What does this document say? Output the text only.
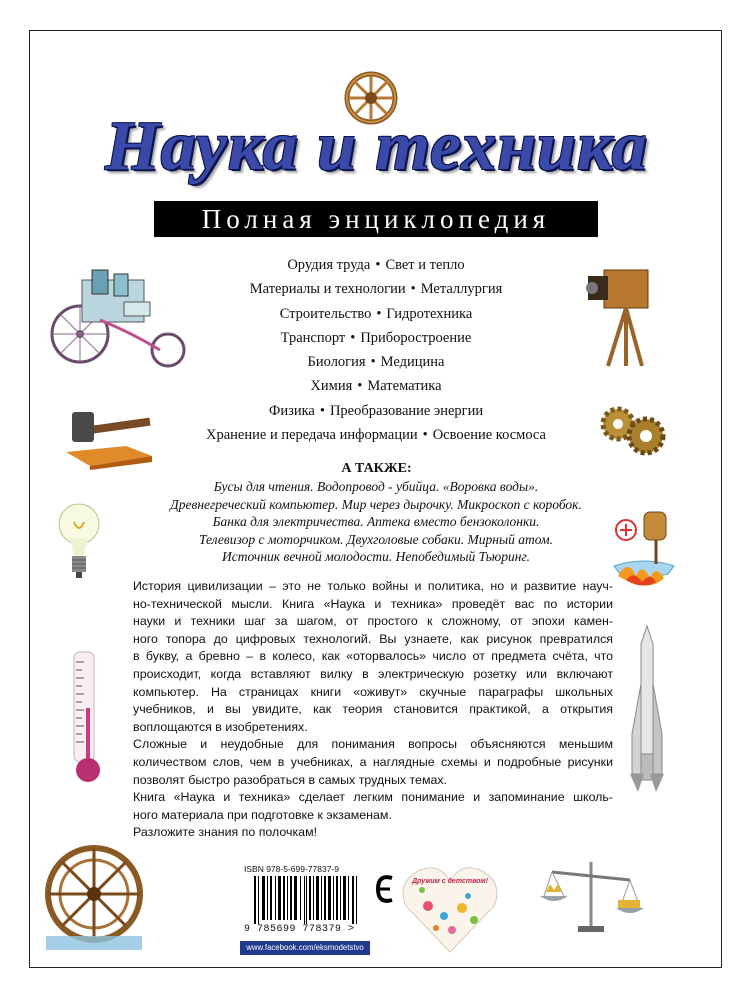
Наука и техника
Полная энциклопедия
Орудия труда • Свет и тепло
Материалы и технологии • Металлургия
Строительство • Гидротехника
Транспорт • Приборостроение
Биология • Медицина
Химия • Математика
Физика • Преобразование энергии
Хранение и передача информации • Освоение космоса
А ТАКЖЕ:
Бусы для чтения. Водопровод - убийца. «Воровка воды».
Древнегреческий компьютер. Мир через дырочку. Микроскоп с коробок.
Банка для электричества. Аптека вместо бензоколонки.
Телевизор с моторчиком. Двухголовые собаки. Мирный атом.
Источник вечной молодости. Непобедимый Тьюринг.
История цивилизации – это не только войны и политика, но и развитие науч-
но-технической мысли. Книга «Наука и техника» проведёт вас по истории
науки и техники шаг за шагом, от простого к сложному, от эпохи камен-
ного топора до цифровых технологий. Вы узнаете, как рисунок превратился
в букву, а бревно – в колесо, как «оторвалось» число от предмета счёта, что
происходит, когда вставляют вилку в электрическую розетку или включают
компьютер. На страницах книги «оживут» скучные параграфы школьных
учебников, и вы увидите, как теория становится практикой, а открытия
воплощаются в изобретениях.
Сложные и неудобные для понимания вопросы объясняются меньшим
количеством слов, чем в учебниках, а наглядные схемы и подробные рисунки
позволят быстро разобраться в самых трудных темах.
Книга «Наука и техника» сделает легким понимание и запоминание школь-
ного материала при подготовке к экзаменам.
Разложите знания по полочкам!
ISBN 978-5-699-77837-9
9 785699 778379 >
www.facebook.com/eksmodetstvo
Дружим с детством!
